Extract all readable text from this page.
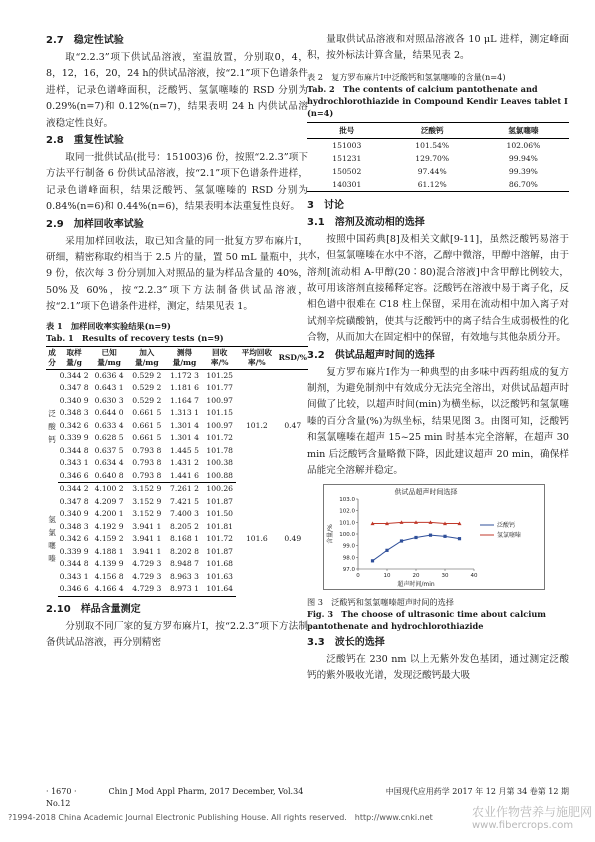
2.7 稳定性试验

取“2.2.3”项下供试品溶液，室温放置，分别取0，4，8，12，16，20，24 h的供试品溶液，按“2.1”项下色谱条件进样，记录色谱峰面积，泛酸钙、氢氯噻嗪的 RSD 分别为 0.29%(n=7)和 0.12%(n=7)，结果表明 24 h 内供试品溶液稳定性良好。

2.8 重复性试验

取同一批供试品(批号：151003)6 份，按照“2.2.3”项下方法平行制备 6 份供试品溶液，按“2.1”项下色谱条件进样，记录色谱峰面积，结果泛酸钙、氢氯噻嗪的 RSD 分别为 0.84%(n=6)和 0.44%(n=6)，结果表明本法重复性良好。

2.9 加样回收率试验

采用加样回收法，取已知含量的同一批复方罗布麻片Ⅰ，研细，精密称取约相当于 2.5 片的量，置 50 mL 量瓶中，共 9 份，依次每 3 份分别加入对照品的量为样品含量的 40%，50%及 60%，按“2.2.3”项下方法制备供试品溶液，按“2.1”项下色谱条件进样，测定，结果见表 1。

表 1　加样回收率实验结果(n=9)
Tab. 1　Results of recovery tests (n=9)
成分	取样量/g	已知量/mg	加入量/mg	测得量/mg	回收率/%	平均回收率/%	RSD/%
泛酸钙	0.344 2	0.636 4	0.529 2	1.172 3	101.25	101.2	0.47
	0.347 8	0.643 1	0.529 2	1.181 6	101.77		
	0.340 9	0.630 3	0.529 2	1.164 7	100.97		
	0.348 3	0.644 0	0.661 5	1.313 1	101.15		
	0.342 6	0.633 4	0.661 5	1.301 4	100.97		
	0.339 9	0.628 5	0.661 5	1.301 4	101.72		
	0.344 8	0.637 5	0.793 8	1.445 5	101.78		
	0.343 1	0.634 4	0.793 8	1.431 2	100.38		
	0.346 6	0.640 8	0.793 8	1.441 6	100.88		
氢氯噻嗪	0.344 2	4.100 2	3.152 9	7.261 2	100.26	101.6	0.49
	0.347 8	4.209 7	3.152 9	7.421 5	101.87		
	0.340 9	4.200 1	3.152 9	7.400 3	101.50		
	0.348 3	4.192 9	3.941 1	8.205 2	101.81		
	0.342 6	4.159 2	3.941 1	8.168 1	101.72		
	0.339 9	4.188 1	3.941 1	8.202 8	101.87		
	0.344 8	4.139 9	4.729 3	8.948 7	101.68		
	0.343 1	4.156 8	4.729 3	8.963 3	101.63		
	0.346 6	4.166 4	4.729 3	8.973 1	101.64		
2.10 样品含量测定

分别取不同厂家的复方罗布麻片Ⅰ，按“2.2.3”项下方法制备供试品溶液，再分别精密

量取供试品溶液和对照品溶液各 10 μL 进样，测定峰面积，按外标法计算含量，结果见表 2。

表 2　复方罗布麻片Ⅰ中泛酸钙和氢氯噻嗪的含量(n=4)
Tab. 2　The contents of calcium pantothenate and hydrochlorothiazide in Compound Kendir Leaves tablet Ⅰ (n=4)
批号	泛酸钙	氢氯噻嗪
151003	101.54%	102.06%
151231	129.70%	99.94%
150502	97.44%	99.39%
140301	61.12%	86.70%
3 讨论
3.1 溶剂及流动相的选择

按照中国药典[8]及相关文献[9-11]，虽然泛酸钙易溶于水，但氢氯噻嗪在水中不溶，乙醇中微溶，甲醇中溶解，由于溶剂[流动相 A-甲醇(20∶80)混合溶液]中含甲醇比例较大，故可用该溶剂直接稀释定容。泛酸钙在溶液中易于离子化，反相色谱中很难在 C18 柱上保留，采用在流动相中加入离子对试剂辛烷磺酸钠，使其与泛酸钙中的离子结合生成弱极性的化合物，从而加大在固定相中的保留，有效地与其他杂质分开。

3.2 供试品超声时间的选择

复方罗布麻片Ⅰ作为一种典型的由多味中西药组成的复方制剂，为避免制剂中有效成分无法完全溶出，对供试品超声时间做了比较，以超声时间(min)为横坐标，以泛酸钙和氢氯噻嗪的百分含量(%)为纵坐标，结果见图 3。由图可知，泛酸钙和氢氯噻嗪在超声 15~25 min 时基本完全溶解，在超声 30 min 后泛酸钙含量略微下降，因此建议超声 20 min，确保样品能完全溶解并稳定。

供试品超声时间选择
97.0
98.0
99.0
100.0
101.0
102.0
103.0
0	10	20	30	40
超声时间/min
含量/%	泛酸钙
氢氯噻嗪
图 3　泛酸钙和氢氯噻嗪超声时间的选择
Fig. 3　The choose of ultrasonic time about calcium pantothenate and hydrochlorothiazide
3.3 波长的选择

泛酸钙在 230 nm 以上无紫外发色基团，通过测定泛酸钙的紫外吸收光谱，发现泛酸钙最大吸

· 1670 ·　　　　Chin J Mod Appl Pharm, 2017 December, Vol.34 No.12
中国现代应用药学 2017 年 12 月第 34 卷第 12 期
?1994-2018 China Academic Journal Electronic Publishing House. All rights reserved.　http://www.cnki.net	农业作物营养与施肥网
www.fibercrops.com
